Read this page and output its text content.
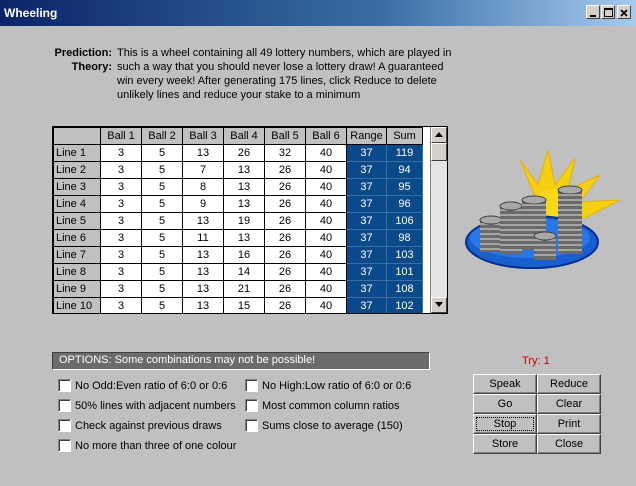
Wheeling
Prediction:
Theory:
This is a wheel containing all 49 lottery numbers, which are played in such a way that you should never lose a lottery draw! A guaranteed win every week! After generating 175 lines, click Reduce to delete unlikely lines and reduce your stake to a minimum
	Ball 1	Ball 2	Ball 3	Ball 4	Ball 5	Ball 6	Range	Sum
Line 1	3	5	13	26	32	40	37	119
Line 2	3	5	7	13	26	40	37	94
Line 3	3	5	8	13	26	40	37	95
Line 4	3	5	9	13	26	40	37	96
Line 5	3	5	13	19	26	40	37	106
Line 6	3	5	11	13	26	40	37	98
Line 7	3	5	13	16	26	40	37	103
Line 8	3	5	13	14	26	40	37	101
Line 9	3	5	13	21	26	40	37	108
Line 10	3	5	13	15	26	40	37	102
OPTIONS: Some combinations may not be possible!
No Odd:Even ratio of 6:0 or 0:6
50% lines with adjacent numbers
Check against previous draws
No more than three of one colour
No High:Low ratio of 6:0 or 0:6
Most common column ratios
Sums close to average (150)
Try: 1
Speak	Reduce
Go	Clear
Stop	Print
Store	Close
